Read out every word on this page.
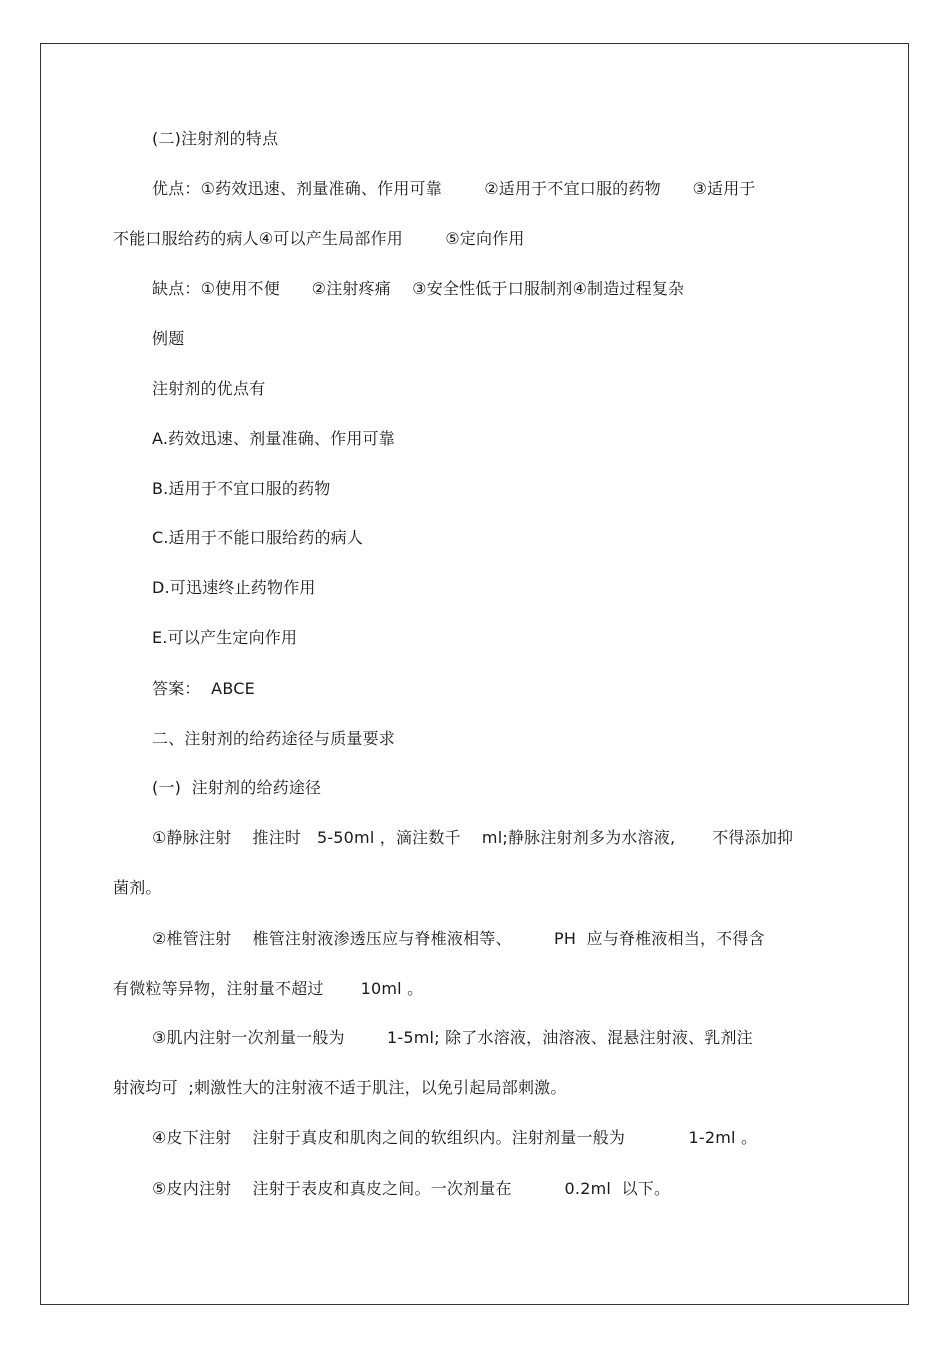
(二)注射剂的特点
优点：①药效迅速、剂量准确、作用可靠        ②适用于不宜口服的药物      ③适用于
不能口服给药的病人④可以产生局部作用        ⑤定向作用
缺点：①使用不便      ②注射疼痛    ③安全性低于口服制剂④制造过程复杂
例题
注射剂的优点有
A.药效迅速、剂量准确、作用可靠
B.适用于不宜口服的药物
C.适用于不能口服给药的病人
D.可迅速终止药物作用
E.可以产生定向作用
答案：  ABCE
二、注射剂的给药途径与质量要求
(一)  注射剂的给药途径
①静脉注射    推注时   5-50ml ，滴注数千    ml;静脉注射剂多为水溶液,       不得添加抑
菌剂。
②椎管注射    椎管注射液渗透压应与脊椎液相等、        PH  应与脊椎液相当，不得含
有微粒等异物，注射量不超过       10ml 。
③肌内注射一次剂量一般为        1-5ml; 除了水溶液，油溶液、混悬注射液、乳剂注
射液均可  ;刺激性大的注射液不适于肌注，以免引起局部刺激。
④皮下注射    注射于真皮和肌肉之间的软组织内。注射剂量一般为            1-2ml 。
⑤皮内注射    注射于表皮和真皮之间。一次剂量在          0.2ml  以下。
